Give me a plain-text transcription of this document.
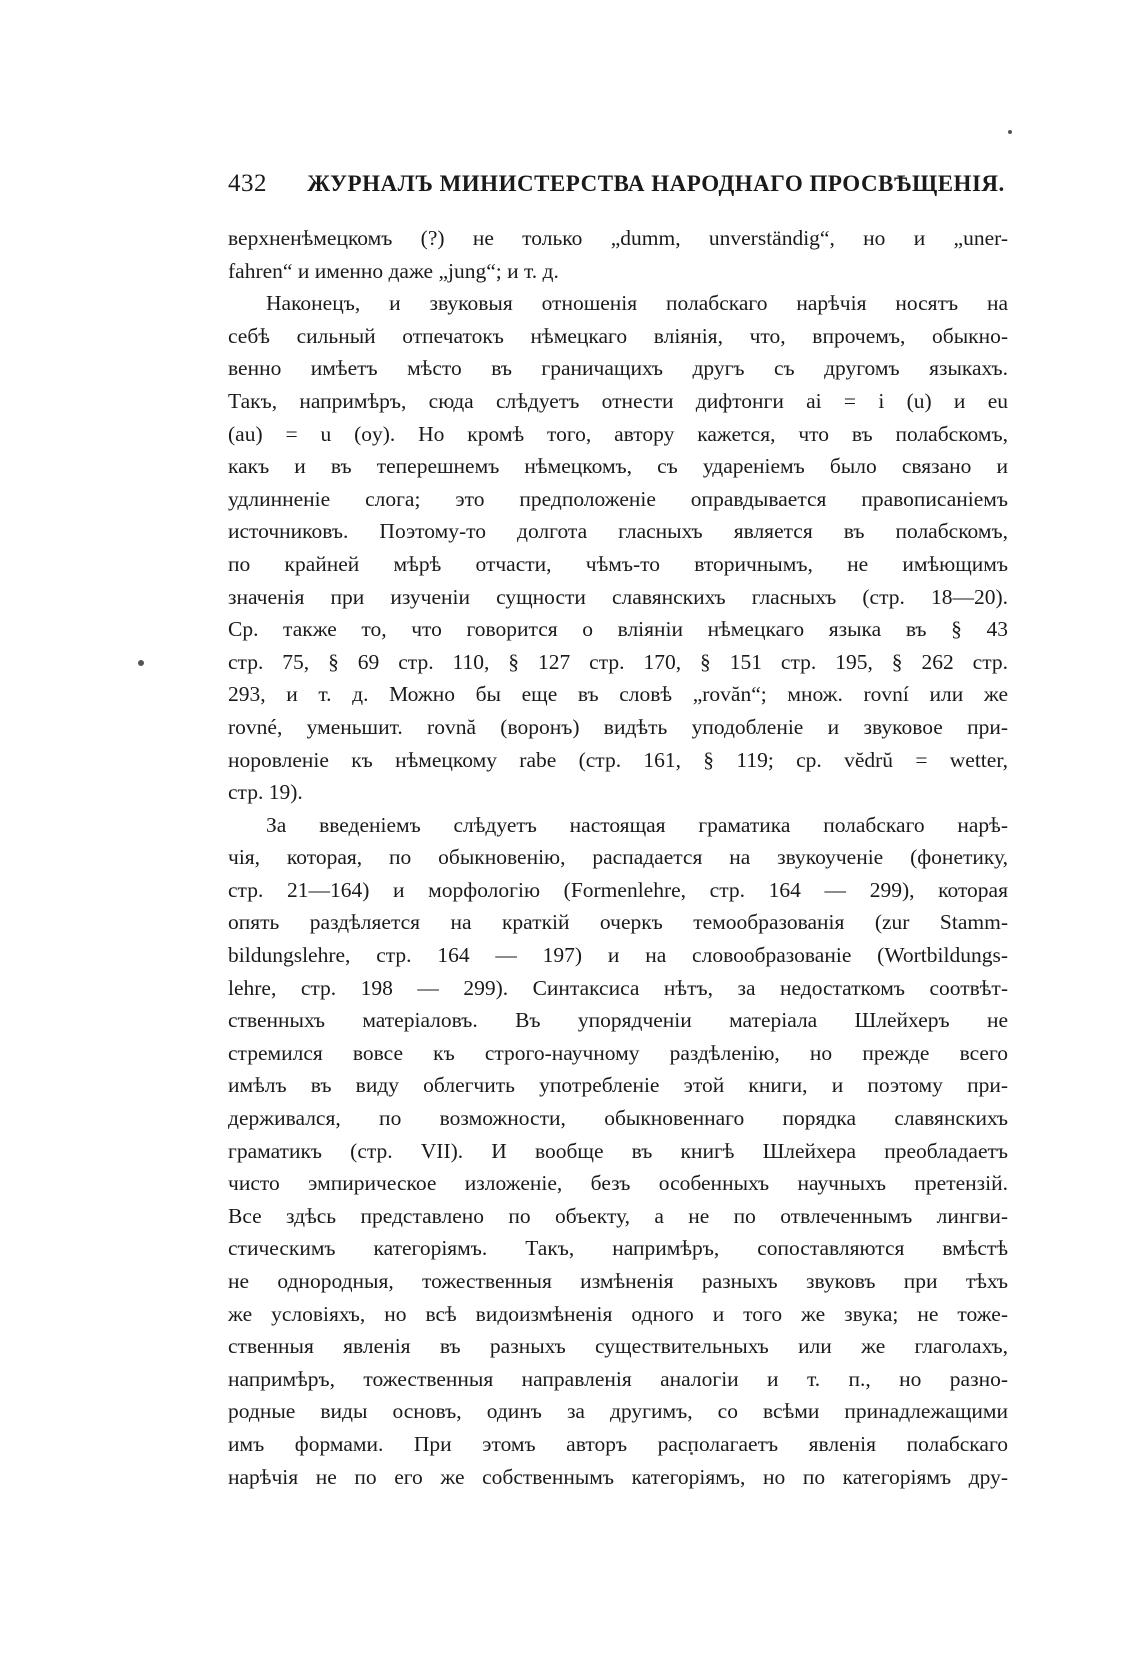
432 ЖУРНАЛЪ МИНИСТЕРСТВА НАРОДНАГО ПРОСВѢЩЕНІЯ.
верхненѣмецкомъ (?) не только „dumm, unverständig“, но и „uner-
fahren“ и именно даже „jung“; и т. д.
Наконецъ, и звуковыя отношенія полабскаго нарѣчія носятъ на
себѣ сильный отпечатокъ нѣмецкаго вліянія, что, впрочемъ, обыкно-
венно имѣетъ мѣсто въ граничащихъ другъ съ другомъ языкахъ.
Такъ, напримѣръ, сюда слѣдуетъ отнести дифтонги ai = i (u) и eu
(au) = u (oy). Но кромѣ того, автору кажется, что въ полабскомъ,
какъ и въ теперешнемъ нѣмецкомъ, съ удареніемъ было связано и
удлинненіе слога; это предположеніе оправдывается правописаніемъ
источниковъ. Поэтому-то долгота гласныхъ является въ полабскомъ,
по крайней мѣрѣ отчасти, чѣмъ-то вторичнымъ, не имѣющимъ
значенія при изученіи сущности славянскихъ гласныхъ (стр. 18—20).
Ср. также то, что говорится о вліяніи нѣмецкаго языка въ § 43
стр. 75, § 69 стр. 110, § 127 стр. 170, § 151 стр. 195, § 262 стр.
293, и т. д. Можно бы еще въ словѣ „rovăn“; множ. rovní или же
rovné, уменьшит. rovnă (воронъ) видѣть уподобленіе и звуковое при-
норовленіе къ нѣмецкому rabe (стр. 161, § 119; ср. vĕdrŭ = wetter,
стр. 19).
За введеніемъ слѣдуетъ настоящая граматика полабскаго нарѣ-
чія, которая, по обыкновенію, распадается на звукоученіе (фонетику,
стр. 21—164) и морфологію (Formenlehre, стр. 164 — 299), которая
опять раздѣляется на краткій очеркъ темообразованія (zur Stamm-
bildungslehre, стр. 164 — 197) и на словообразованіе (Wortbildungs-
lehre, стр. 198 — 299). Синтаксиса нѣтъ, за недостаткомъ соотвѣт-
ственныхъ матеріаловъ. Въ упорядченіи матеріала Шлейхеръ не
стремился вовсе къ строго-научному раздѣленію, но прежде всего
имѣлъ въ виду облегчить употребленіе этой книги, и поэтому при-
держивался, по возможности, обыкновеннаго порядка славянскихъ
граматикъ (стр. VII). И вообще въ книгѣ Шлейхера преобладаетъ
чисто эмпирическое изложеніе, безъ особенныхъ научныхъ претензій.
Все здѣсь представлено по объекту, а не по отвлеченнымъ лингви-
стическимъ категоріямъ. Такъ, напримѣръ, сопоставляются вмѣстѣ
не однородныя, тожественныя измѣненія разныхъ звуковъ при тѣхъ
же условіяхъ, но всѣ видоизмѣненія одного и того же звука; не тоже-
ственныя явленія въ разныхъ существительныхъ или же глаголахъ,
напримѣръ, тожественныя направленія аналогіи и т. п., но разно-
родные виды основъ, одинъ за другимъ, со всѣми принадлежащими
имъ формами. При этомъ авторъ располагаетъ явленія полабскаго
нарѣчія не по его же собственнымъ категоріямъ, но по категоріямъ дру-
